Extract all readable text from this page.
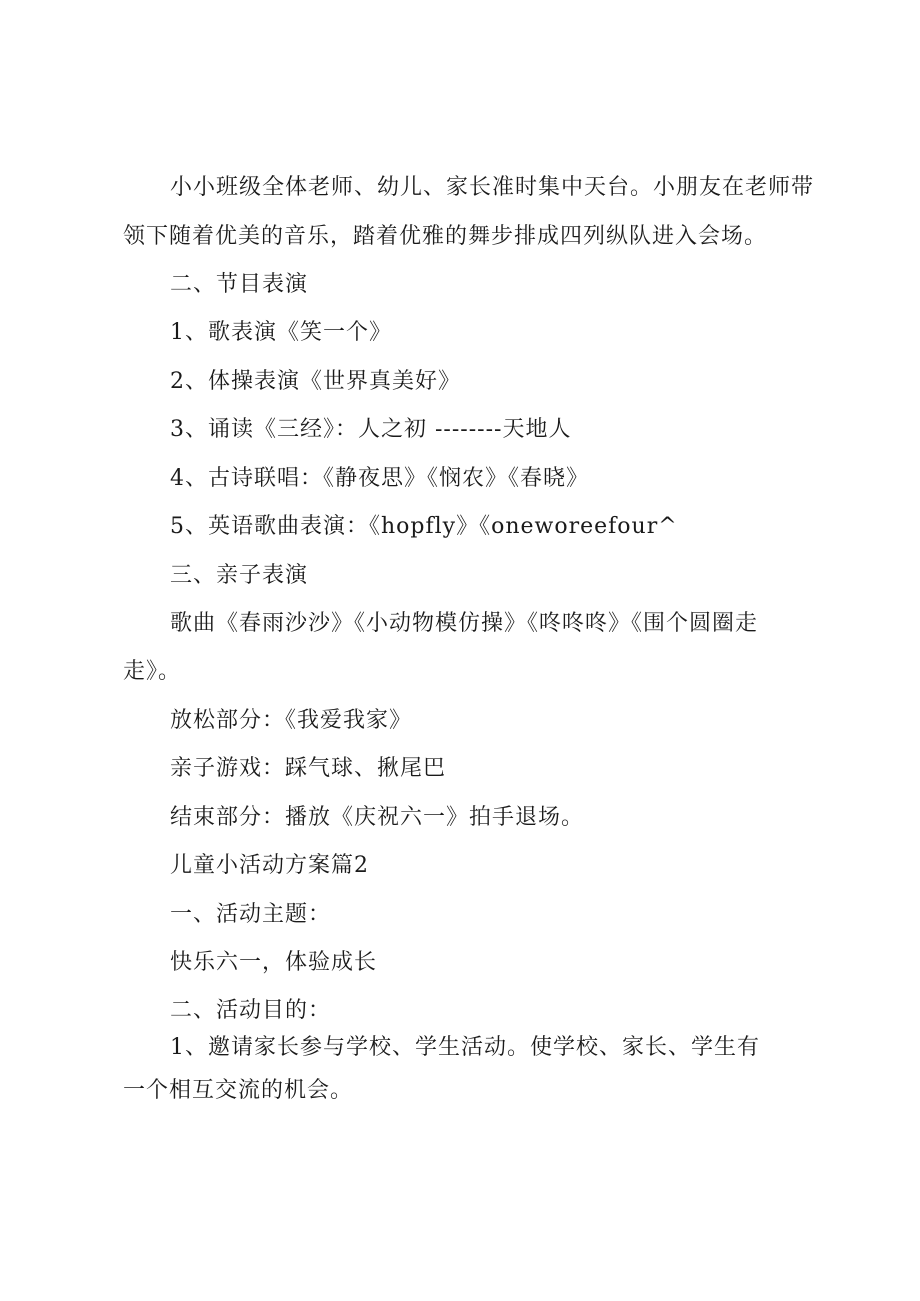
小小班级全体老师、幼儿、家长准时集中天台。小朋友在老师带
领下随着优美的音乐，踏着优雅的舞步排成四列纵队进入会场。
二、节目表演
1、歌表演《笑一个》
2、体操表演《世界真美好》
3、诵读《三经》：人之初 --------天地人
4、古诗联唱：《静夜思》《悯农》《春晓》
5、英语歌曲表演：《hopfly》《oneworeefour^
三、亲子表演
歌曲《春雨沙沙》《小动物模仿操》《咚咚咚》《围个圆圈走
走》。
放松部分：《我爱我家》
亲子游戏：踩气球、揪尾巴
结束部分：播放《庆祝六一》拍手退场。
儿童小活动方案篇2
一、活动主题：
快乐六一，体验成长
二、活动目的：
1、邀请家长参与学校、学生活动。使学校、家长、学生有
一个相互交流的机会。
